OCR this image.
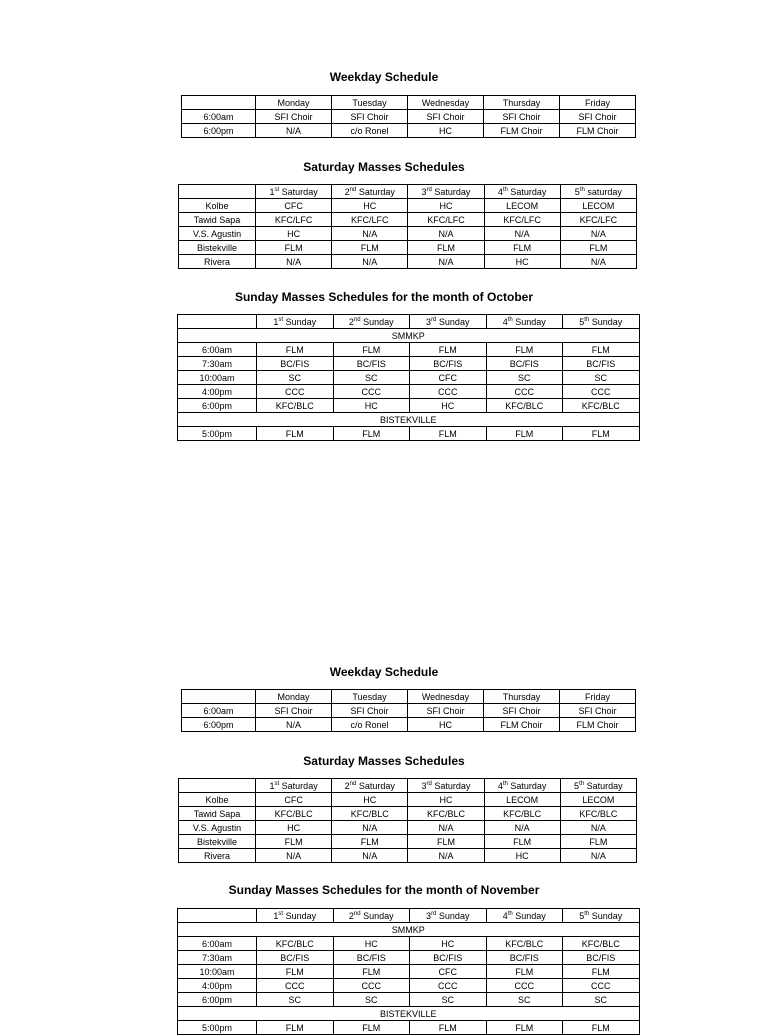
Weekday Schedule
	Monday	Tuesday	Wednesday	Thursday	Friday
6:00am	SFI Choir	SFI Choir	SFI Choir	SFI Choir	SFI Choir
6:00pm	N/A	c/o Ronel	HC	FLM Choir	FLM Choir
Saturday Masses Schedules
	1st Saturday	2nd Saturday	3rd Saturday	4th Saturday	5th saturday
Kolbe	CFC	HC	HC	LECOM	LECOM
Tawid Sapa	KFC/LFC	KFC/LFC	KFC/LFC	KFC/LFC	KFC/LFC
V.S. Agustin	HC	N/A	N/A	N/A	N/A
Bistekville	FLM	FLM	FLM	FLM	FLM
Rivera	N/A	N/A	N/A	HC	N/A
Sunday Masses Schedules for the month of October
	1st Sunday	2nd Sunday	3rd Sunday	4th Sunday	5th Sunday
SMMKP					
6:00am	FLM	FLM	FLM	FLM	FLM
7:30am	BC/FIS	BC/FIS	BC/FIS	BC/FIS	BC/FIS
10:00am	SC	SC	CFC	SC	SC
4:00pm	CCC	CCC	CCC	CCC	CCC
6:00pm	KFC/BLC	HC	HC	KFC/BLC	KFC/BLC
BISTEKVILLE					
5:00pm	FLM	FLM	FLM	FLM	FLM
Weekday Schedule
	Monday	Tuesday	Wednesday	Thursday	Friday
6:00am	SFI Choir	SFI Choir	SFI Choir	SFI Choir	SFI Choir
6:00pm	N/A	c/o Ronel	HC	FLM Choir	FLM Choir
Saturday Masses Schedules
	1st Saturday	2nd Saturday	3rd Saturday	4th Saturday	5th Saturday
Kolbe	CFC	HC	HC	LECOM	LECOM
Tawid Sapa	KFC/BLC	KFC/BLC	KFC/BLC	KFC/BLC	KFC/BLC
V.S. Agustin	HC	N/A	N/A	N/A	N/A
Bistekville	FLM	FLM	FLM	FLM	FLM
Rivera	N/A	N/A	N/A	HC	N/A
Sunday Masses Schedules for the month of November
	1st Sunday	2nd Sunday	3rd Sunday	4th Sunday	5th Sunday
SMMKP					
6:00am	KFC/BLC	HC	HC	KFC/BLC	KFC/BLC
7:30am	BC/FIS	BC/FIS	BC/FIS	BC/FIS	BC/FIS
10:00am	FLM	FLM	CFC	FLM	FLM
4:00pm	CCC	CCC	CCC	CCC	CCC
6:00pm	SC	SC	SC	SC	SC
BISTEKVILLE					
5:00pm	FLM	FLM	FLM	FLM	FLM
